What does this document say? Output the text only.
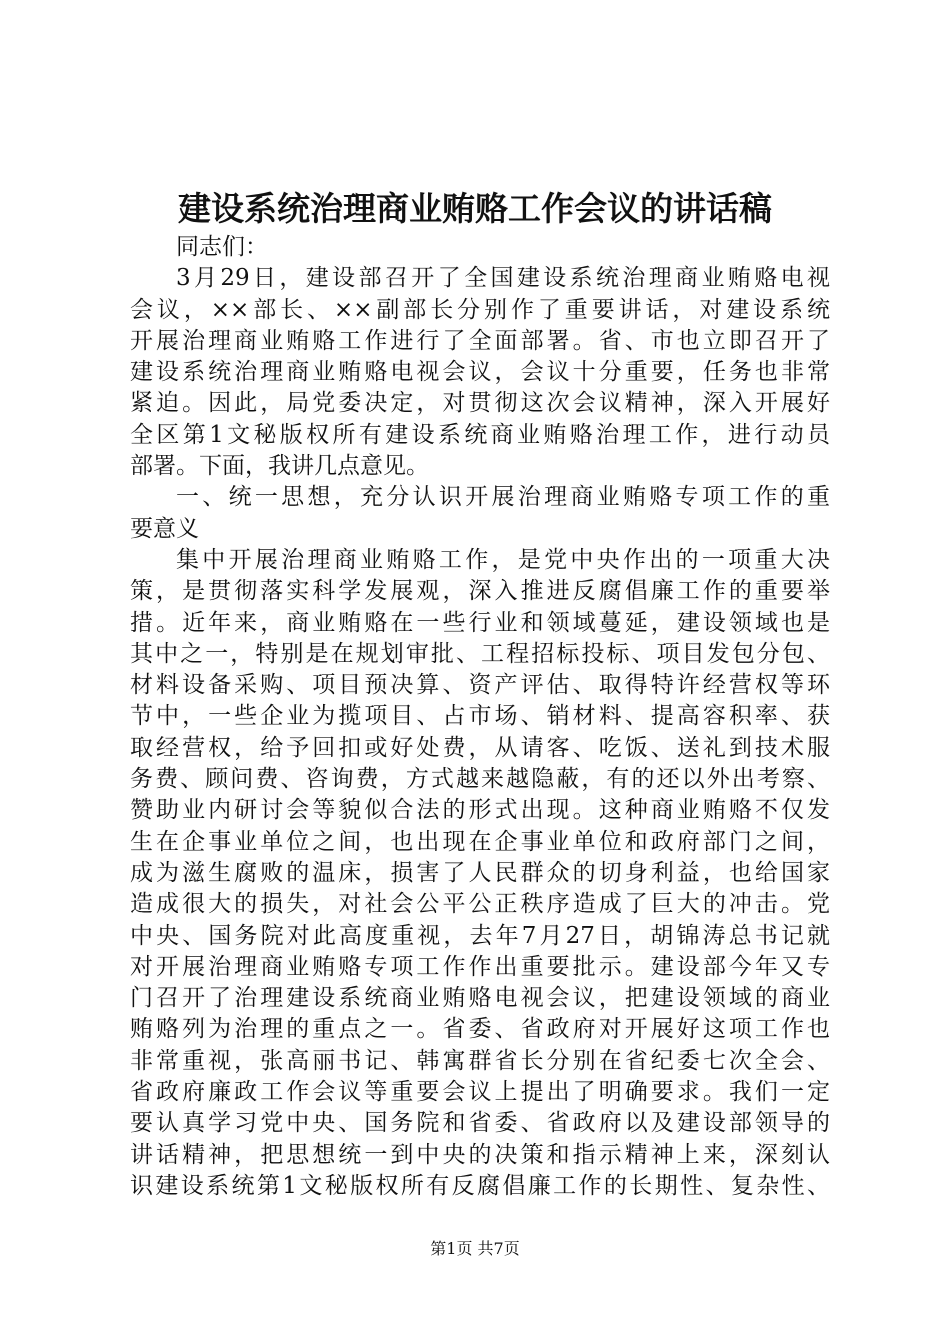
建设系统治理商业贿赂工作会议的讲话稿
同志们：
3月29日，建设部召开了全国建设系统治理商业贿赂电视
会议，××部长、××副部长分别作了重要讲话，对建设系统
开展治理商业贿赂工作进行了全面部署。省、市也立即召开了
建设系统治理商业贿赂电视会议，会议十分重要，任务也非常
紧迫。因此，局党委决定，对贯彻这次会议精神，深入开展好
全区第1文秘版权所有建设系统商业贿赂治理工作，进行动员
部署。下面，我讲几点意见。
一、统一思想，充分认识开展治理商业贿赂专项工作的重
要意义
集中开展治理商业贿赂工作，是党中央作出的一项重大决
策，是贯彻落实科学发展观，深入推进反腐倡廉工作的重要举
措。近年来，商业贿赂在一些行业和领域蔓延，建设领域也是
其中之一，特别是在规划审批、工程招标投标、项目发包分包、
材料设备采购、项目预决算、资产评估、取得特许经营权等环
节中，一些企业为揽项目、占市场、销材料、提高容积率、获
取经营权，给予回扣或好处费，从请客、吃饭、送礼到技术服
务费、顾问费、咨询费，方式越来越隐蔽，有的还以外出考察、
赞助业内研讨会等貌似合法的形式出现。这种商业贿赂不仅发
生在企事业单位之间，也出现在企事业单位和政府部门之间，
成为滋生腐败的温床，损害了人民群众的切身利益，也给国家
造成很大的损失，对社会公平公正秩序造成了巨大的冲击。党
中央、国务院对此高度重视，去年7月27日，胡锦涛总书记就
对开展治理商业贿赂专项工作作出重要批示。建设部今年又专
门召开了治理建设系统商业贿赂电视会议，把建设领域的商业
贿赂列为治理的重点之一。省委、省政府对开展好这项工作也
非常重视，张高丽书记、韩寓群省长分别在省纪委七次全会、
省政府廉政工作会议等重要会议上提出了明确要求。我们一定
要认真学习党中央、国务院和省委、省政府以及建设部领导的
讲话精神，把思想统一到中央的决策和指示精神上来，深刻认
识建设系统第1文秘版权所有反腐倡廉工作的长期性、复杂性、
第1页 共7页
